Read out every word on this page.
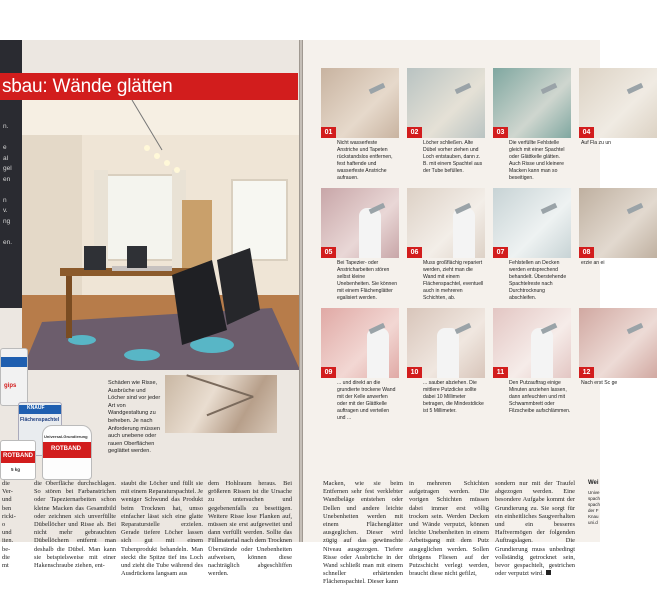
n.

e
al
gel
en

n
v.
ng

en.
sbau: Wände glätten
gips
Flächenspachtel
KNAUF
ROTBAND
5 kg
Universal-Grundierung
ROTBAND
Schäden wie Risse, Ausbrüche und Löcher sind vor jeder Art von Wandgestaltung zu beheben. Je nach Anforderung müssen auch unebene oder rauen Oberflächen geglättet werden.
die
Ver-
und
ben
ricki-
o
und
iten.
be-
die
mt
die Oberfläche durchschlagen. So stören bei Farbanstrichen oder Tapeziernarbeiten schon kleine Macken das Gesamtbild oder zeichnen sich unverfüllte Dübellöcher und Risse ab. Bei nicht mehr gebrauchten Dübellöchern entfernt man deshalb die Dübel. Man kann sie beispielsweise mit einer Hakenschraube ziehen, ent-
staubt die Löcher und füllt sie mit einem Reparaturspachtel. Je weniger Schwund das Produkt beim Trocknen hat, umso einfacher lässt sich eine glatte Reparaturstelle erzielen. Gerade tiefere Löcher lassen sich gut mit einem Tubenprodukt behandeln. Man steckt die Spitze tief ins Loch und zieht die Tube während des Ausdrückens langsam aus
dem Hohlraum heraus. Bei größeren Rissen ist die Ursache zu untersuchen und gegebenenfalls zu beseitigen. Weitere Risse lose Flanken auf, müssen sie erst aufgeweitet und dann verfüllt werden. Sollte das Füllmaterial nach dem Trocknen Überstände oder Unebenheiten aufweisen, können diese nachträglich abgeschliffen werden.
01
Nicht wasserfeste Anstriche und Tapeten rückstandslos entfernen, fest haftende und wasserfeste Anstriche aufrauen.
02
Löcher schließen. Alte Dübel vorher ziehen und Loch entstauben, dann z. B. mit einem Spachtel aus der Tube befüllen.
03
Die verfüllte Fehlstelle gleich mit einer Spachtel oder Glättkelle glätten. Auch Risse und kleinere Macken kann man so beseitigen.
04
Auf Fla zu un
05
Bei Tapezier- oder Anstricharbeiten stören selbst kleine Unebenheiten. Sie können mit einem Flächenglätter egalisiert werden.
06
Muss großflächig repariert werden, zieht man die Wand mit einem Flächenspachtel, eventuell auch in mehreren Schichten, ab.
07
Fehlstellen an Decken werden entsprechend behandelt. Überstehende Spachtelreste nach Durchtrocknung abschleifen.
08
erzie an ei
09
... und direkt an die grundierte trockene Wand mit der Kelle anwerfen oder mit der Glättkelle auftragen und verteilen und ...
10
... sauber abziehen. Die mittlere Putzdicke sollte dabei 10 Millimeter betragen, die Mindestdicke ist 5 Millimeter.
11
Den Putzauftrag einige Minuten anziehen lassen, dann anfeuchten und mit Schwammbrett oder Filzscheibe aufschlämmen.
12
Nach erst Sc ge
Macken, wie sie beim Entfernen sehr fest verklebter Wandbeläge entstehen oder Dellen und andere leichte Unebenheiten werden mit einem Flächenglätter ausgeglichen. Dieser wird zügig auf das gewünschte Niveau ausgezogen. Tiefere Risse oder Ausbrüche in der Wand schließt man mit einem schneller erhärtenden Flächenspachtel. Dieser kann
in mehreren Schichten aufgetragen werden. Die vorigen Schichten müssen dabei immer erst völlig trocken sein. Werden Decken und Wände verputzt, können leichte Unebenheiten in einem Arbeitsgang mit dem Putz ausgeglichen werden. Sollen übrigens Fliesen auf der Putzschicht verlegt werden, braucht diese nicht gefilzt,
sondern nur mit der Traufel abgezogen werden. Eine besondere Aufgabe kommt der Grundierung zu. Sie sorgt für ein einheitliches Saugverhalten und ein besseres Haftvermögen der folgenden Auftragslagen. Die Grundierung muss unbedingt vollständig getrocknet sein, bevor gespachtelt, gestrichen oder verputzt wird.
Wei
Unive
spach
spach
der F
Knau
uni.d
